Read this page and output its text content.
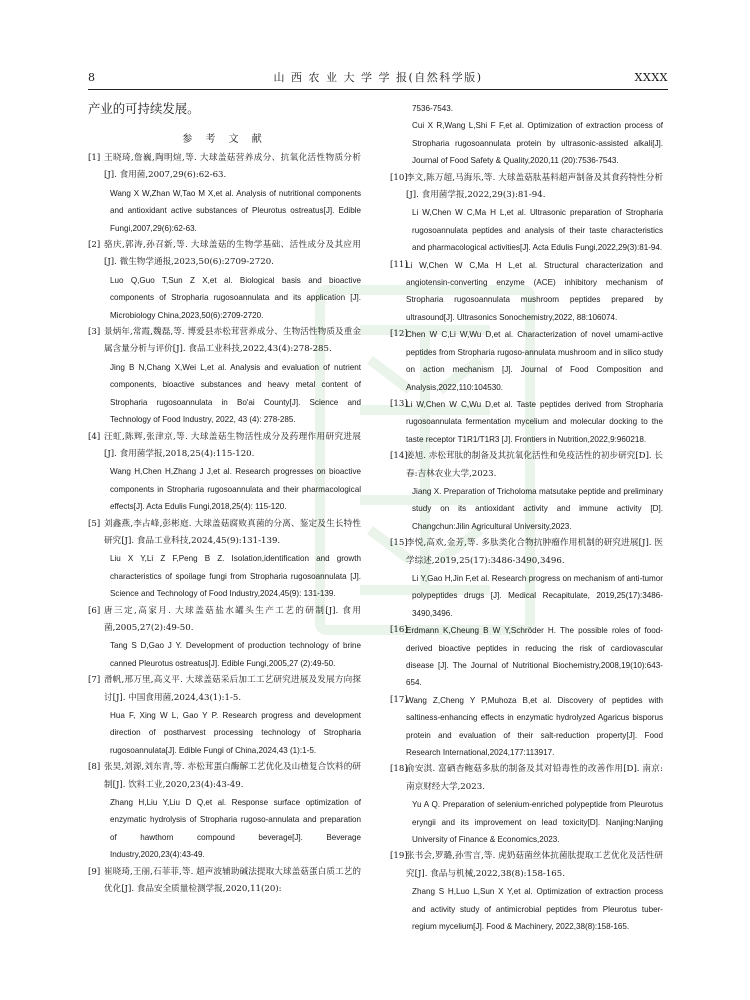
8	山 西 农 业 大 学 学 报(自然科学版)	XXXX

产业的可持续发展。

参 考 文 献
[1] 王晓琦,詹巍,陶明煊,等. 大球盖菇营养成分、抗氧化活性物质分析[J]. 食用菌,2007,29(6):62-63.
Wang X W,Zhan W,Tao M X,et al. Analysis of nutritional components and antioxidant active substances of Pleurotus ostreatus[J]. Edible Fungi,2007,29(6):62-63.
[2] 骆庆,郭涛,孙召新,等. 大球盖菇的生物学基础、活性成分及其应用[J]. 微生物学通报,2023,50(6):2709-2720.
Luo Q,Guo T,Sun Z X,et al. Biological basis and bioactive components of Stropharia rugosoannulata and its application [J]. Microbiology China,2023,50(6):2709-2720.
[3] 景炳年,常霞,魏磊,等. 博爱县赤松茸营养成分、生物活性物质及重金属含量分析与评价[J]. 食品工业科技,2022,43(4):278-285.
Jing B N,Chang X,Wei L,et al. Analysis and evaluation of nutrient components, bioactive substances and heavy metal content of Stropharia rugosoannulata in Bo'ai County[J]. Science and Technology of Food Industry, 2022, 43 (4): 278-285.
[4] 汪虹,陈辉,张津京,等. 大球盖菇生物活性成分及药理作用研究进展[J]. 食用菌学报,2018,25(4):115-120.
Wang H,Chen H,Zhang J J,et al. Research progresses on bioactive components in Stropharia rugosoannulata and their pharmacological effects[J]. Acta Edulis Fungi,2018,25(4): 115-120.
[5] 刘鑫燕,李占峰,彭彬庭. 大球盖菇腐败真菌的分离、鉴定及生长特性研究[J]. 食品工业科技,2024,45(9):131-139.
Liu X Y,Li Z F,Peng B Z. Isolation,identification and growth characteristics of spoilage fungi from Stropharia rugosoannulata [J]. Science and Technology of Food Industry,2024,45(9): 131-139.
[6] 唐三定,高家月. 大球盖菇盐水罐头生产工艺的研制[J]. 食用菌,2005,27(2):49-50.
Tang S D,Gao J Y. Development of production technology of brine canned Pleurotus ostreatus[J]. Edible Fungi,2005,27 (2):49-50.
[7] 滑帆,邢万里,高义平. 大球盖菇采后加工工艺研究进展及发展方向探讨[J]. 中国食用菌,2024,43(1):1-5.
Hua F, Xing W L, Gao Y P. Research progress and development direction of postharvest processing technology of Stropharia rugosoannulata[J]. Edible Fungi of China,2024,43 (1):1-5.
[8] 张昊,刘源,刘东青,等. 赤松茸蛋白酶解工艺优化及山楂复合饮料的研制[J]. 饮料工业,2020,23(4):43-49.
Zhang H,Liu Y,Liu D Q,et al. Response surface optimization of enzymatic hydrolysis of Stropharia rugoso-annulata and preparation of hawthorn compound beverage[J]. Beverage Industry,2020,23(4):43-49.
[9] 崔晓琦,王丽,石菲菲,等. 超声波辅助碱法提取大球盖菇蛋白质工艺的优化[J]. 食品安全质量检测学报,2020,11(20):
7536-7543.
Cui X R,Wang L,Shi F F,et al. Optimization of extraction process of Stropharia rugosoannulata protein by ultrasonic-assisted alkali[J]. Journal of Food Safety & Quality,2020,11 (20):7536-7543.
[10]
李文,陈万超,马海乐,等. 大球盖菇肽基料超声制备及其食药特性分析[J]. 食用菌学报,2022,29(3):81-94.
Li W,Chen W C,Ma H L,et al. Ultrasonic preparation of Stropharia rugosoannulata peptides and analysis of their taste characteristics and pharmacological activities[J]. Acta Edulis Fungi,2022,29(3):81-94.
[11]
Li W,Chen W C,Ma H L,et al. Structural characterization and angiotensin-converting enzyme (ACE) inhibitory mechanism of Stropharia rugosoannulata mushroom peptides prepared by ultrasound[J]. Ultrasonics Sonochemistry,2022, 88:106074.
[12]
Chen W C,Li W,Wu D,et al. Characterization of novel umami-active peptides from Stropharia rugoso-annulata mushroom and in silico study on action mechanism [J]. Journal of Food Composition and Analysis,2022,110:104530.
[13]
Li W,Chen W C,Wu D,et al. Taste peptides derived from Stropharia rugosoannulata fermentation mycelium and molecular docking to the taste receptor T1R1/T1R3 [J]. Frontiers in Nutrition,2022,9:960218.
[14]
姜旭. 赤松茸肽的制备及其抗氧化活性和免疫活性的初步研究[D]. 长春:吉林农业大学,2023.
Jiang X. Preparation of Tricholoma matsutake peptide and preliminary study on its antioxidant activity and immune activity [D]. Changchun:Jilin Agricultural University,2023.
[15]
李悦,高欢,金芳,等. 多肽类化合物抗肿瘤作用机制的研究进展[J]. 医学综述,2019,25(17):3486-3490,3496.
Li Y,Gao H,Jin F,et al. Research progress on mechanism of anti-tumor polypeptides drugs [J]. Medical Recapitulate, 2019,25(17):3486-3490,3496.
[16]
Erdmann K,Cheung B W Y,Schröder H. The possible roles of food-derived bioactive peptides in reducing the risk of cardiovascular disease [J]. The Journal of Nutritional Biochemistry,2008,19(10):643-654.
[17]
Wang Z,Cheng Y P,Muhoza B,et al. Discovery of peptides with saltiness-enhancing effects in enzymatic hydrolyzed Agaricus bisporus protein and evaluation of their salt-reduction property[J]. Food Research International,2024,177:113917.
[18]
俞安淇. 富硒杏鲍菇多肽的制备及其对铅毒性的改善作用[D]. 南京:南京财经大学,2023.
Yu A Q. Preparation of selenium-enriched polypeptide from Pleurotus eryngii and its improvement on lead toxicity[D]. Nanjing:Nanjing University of Finance & Economics,2023.
[19]
张书会,罗璐,孙雪言,等. 虎奶菇菌丝体抗菌肽提取工艺优化及活性研究[J]. 食品与机械,2022,38(8):158-165.
Zhang S H,Luo L,Sun X Y,et al. Optimization of extraction process and activity study of antimicrobial peptides from Pleurotus tuber-regium mycelium[J]. Food & Machinery, 2022,38(8):158-165.
